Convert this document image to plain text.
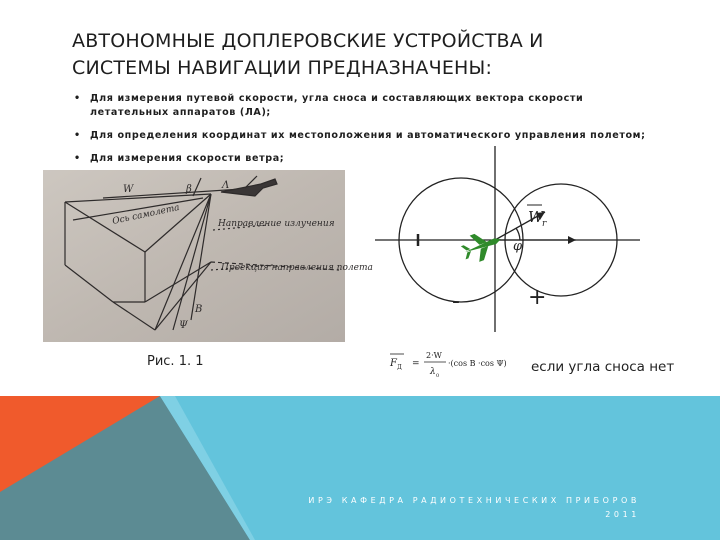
АВТОНОМНЫЕ ДОПЛЕРОВСКИЕ УСТРОЙСТВА И СИСТЕМЫ НАВИГАЦИИ ПРЕДНАЗНАЧЕНЫ:
• Для измерения путевой скорости, угла сноса и составляющих вектора скорости летательных аппаратов (ЛА);
• Для определения координат их местоположения и автоматического управления полетом;
• Для измерения скорости ветра;
W	β	Λ
Ось самолета	Направление излучения
Проекция направления полета
B
Ψ
W
r
φ
-	+
Рис. 1. 1	F Д =
2·W
λ 0
·(cos B ·cos Ψ) если угла сноса нет
ИРЭ КАФЕДРА РАДИОТЕХНИЧЕСКИХ ПРИБОРОВ
2011
